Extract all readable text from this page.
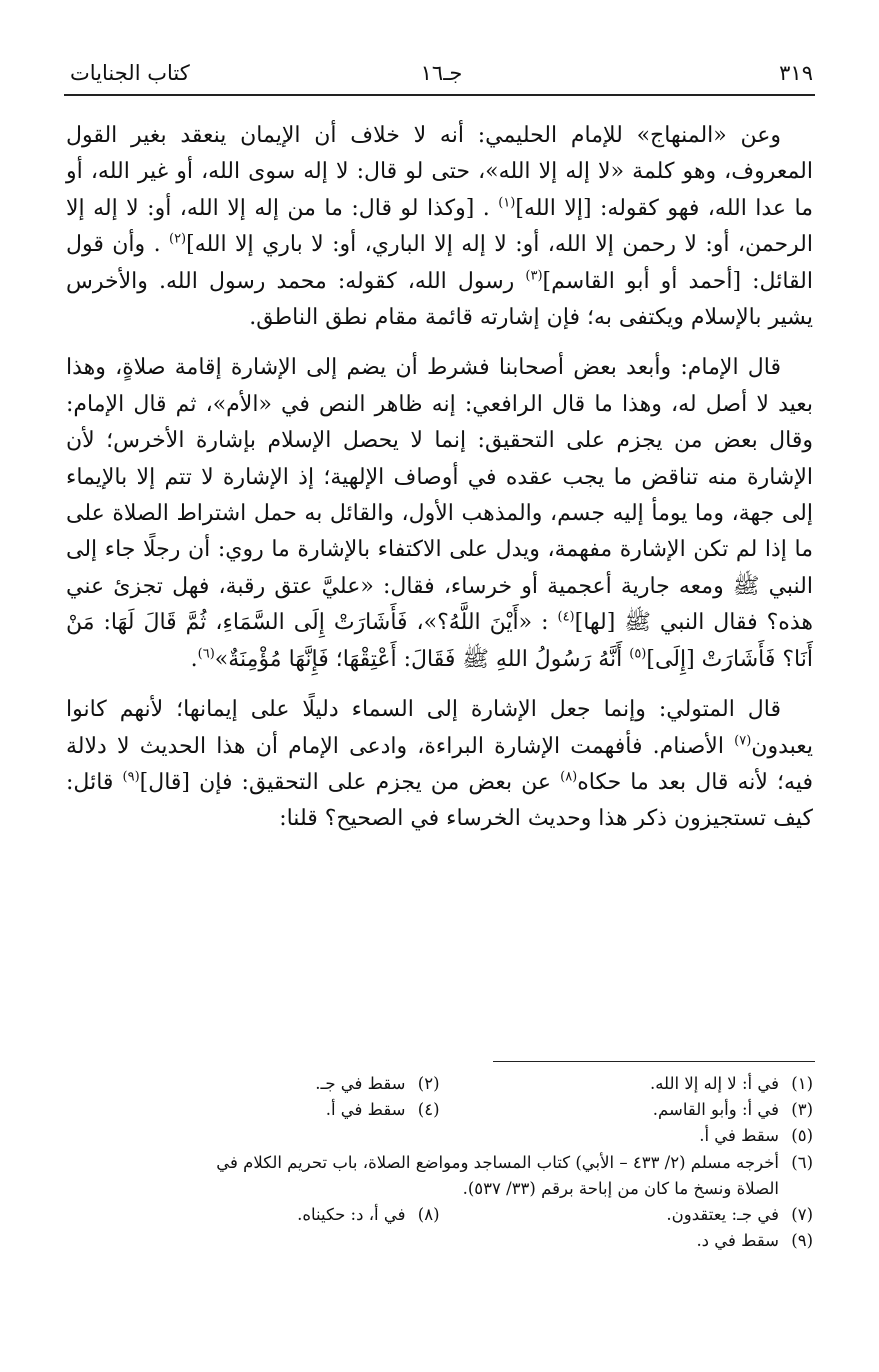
٣١٩
جـ١٦
كتاب الجنايات

وعن «المنهاج» للإمام الحليمي: أنه لا خلاف أن الإيمان ينعقد بغير القول المعروف، وهو كلمة «لا إله إلا الله»، حتى لو قال: لا إله سوى الله، أو غير الله، أو ما عدا الله، فهو كقوله: [إلا الله]$^{(١)}$ . [وكذا لو قال: ما من إله إلا الله، أو: لا إله إلا الرحمن، أو: لا رحمن إلا الله، أو: لا إله إلا الباري، أو: لا باري إلا الله]$^{(٢)}$ . وأن قول القائل: [أحمد أو أبو القاسم]$^{(٣)}$ رسول الله، كقوله: محمد رسول الله. والأخرس يشير بالإسلام ويكتفى به؛ فإن إشارته قائمة مقام نطق الناطق.

قال الإمام: وأبعد بعض أصحابنا فشرط أن يضم إلى الإشارة إقامة صلاةٍ، وهذا بعيد لا أصل له، وهذا ما قال الرافعي: إنه ظاهر النص في «الأم»، ثم قال الإمام: وقال بعض من يجزم على التحقيق: إنما لا يحصل الإسلام بإشارة الأخرس؛ لأن الإشارة منه تناقض ما يجب عقده في أوصاف الإلهية؛ إذ الإشارة لا تتم إلا بالإيماء إلى جهة، وما يومأ إليه جسم، والمذهب الأول، والقائل به حمل اشتراط الصلاة على ما إذا لم تكن الإشارة مفهمة، ويدل على الاكتفاء بالإشارة ما روي: أن رجلًا جاء إلى النبي ﷺ ومعه جارية أعجمية أو خرساء، فقال: «عليَّ عتق رقبة، فهل تجزئ عني هذه؟ فقال النبي ﷺ [لها]$^{(٤)}$ : «أَيْنَ اللَّهُ؟»، فَأَشَارَتْ إِلَى السَّمَاءِ، ثُمَّ قَالَ لَهَا: مَنْ أَنَا؟ فَأَشَارَتْ [إِلَى]$^{(٥)}$ أَنَّهُ رَسُولُ اللهِ ﷺ فَقَالَ: أَعْتِقْهَا؛ فَإِنَّهَا مُؤْمِنَةٌ»$^{(٦)}$.

قال المتولي: وإنما جعل الإشارة إلى السماء دليلًا على إيمانها؛ لأنهم كانوا يعبدون$^{(٧)}$ الأصنام. فأفهمت الإشارة البراءة، وادعى الإمام أن هذا الحديث لا دلالة فيه؛ لأنه قال بعد ما حكاه$^{(٨)}$ عن بعض من يجزم على التحقيق: فإن [قال]$^{(٩)}$ قائل: كيف تستجيزون ذكر هذا وحديث الخرساء في الصحيح؟ قلنا:

(١)في أ: لا إله إلا الله.
(٢)سقط في جـ.
(٣)في أ: وأبو القاسم.
(٤)سقط في أ.
(٥)سقط في أ.
(٦)أخرجه مسلم (٢/ ٤٣٣ – الأبي) كتاب المساجد ومواضع الصلاة، باب تحريم الكلام في
الصلاة ونسخ ما كان من إباحة برقم (٣٣/ ٥٣٧).
(٧)في جـ: يعتقدون.
(٨)في أ، د: حكيناه.
(٩)سقط في د.
